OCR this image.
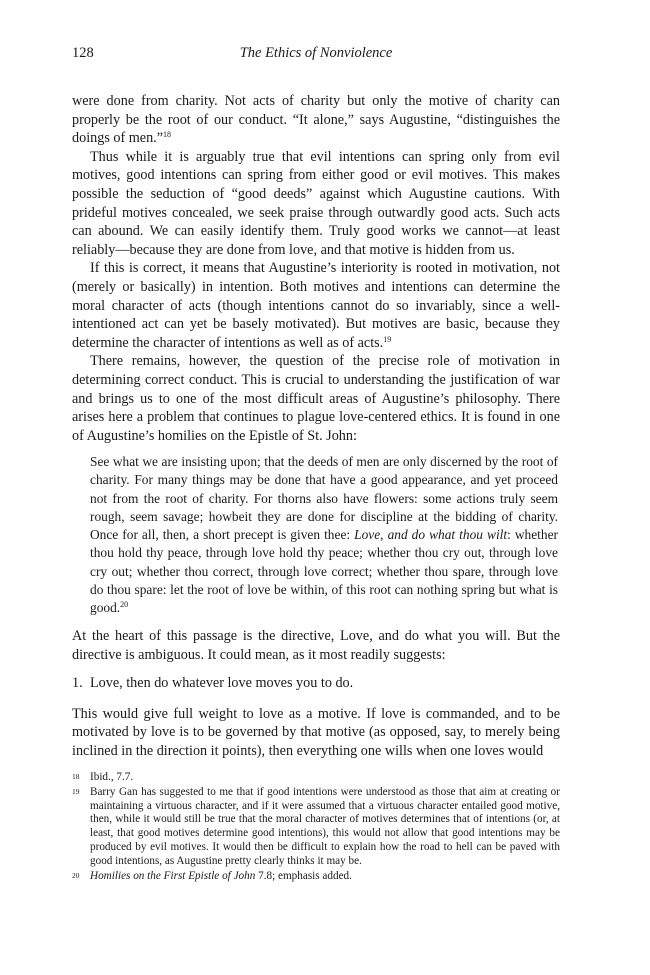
128	The Ethics of Nonviolence

were done from charity. Not acts of charity but only the motive of charity can properly be the root of our conduct. “It alone,” says Augustine, “distinguishes the doings of men.”$^{18}$

Thus while it is arguably true that evil intentions can spring only from evil motives, good intentions can spring from either good or evil motives. This makes possible the seduction of “good deeds” against which Augustine cautions. With prideful motives concealed, we seek praise through outwardly good acts. Such acts can abound. We can easily identify them. Truly good works we cannot—at least reliably—because they are done from love, and that motive is hidden from us.

If this is correct, it means that Augustine’s interiority is rooted in motivation, not (merely or basically) in intention. Both motives and intentions can determine the moral character of acts (though intentions cannot do so invariably, since a well-intentioned act can yet be basely motivated). But motives are basic, because they determine the character of intentions as well as of acts.$^{19}$

There remains, however, the question of the precise role of motivation in determining correct conduct. This is crucial to understanding the justification of war and brings us to one of the most difficult areas of Augustine’s philosophy. There arises here a problem that continues to plague love-centered ethics. It is found in one of Augustine’s homilies on the Epistle of St. John:

See what we are insisting upon; that the deeds of men are only discerned by the root of charity. For many things may be done that have a good appearance, and yet proceed not from the root of charity. For thorns also have flowers: some actions truly seem rough, seem savage; howbeit they are done for discipline at the bidding of charity. Once for all, then, a short precept is given thee: Love, and do what thou wilt: whether thou hold thy peace, through love hold thy peace; whether thou cry out, through love cry out; whether thou correct, through love correct; whether thou spare, through love do thou spare: let the root of love be within, of this root can nothing spring but what is good.$^{20}$

At the heart of this passage is the directive, Love, and do what you will. But the directive is ambiguous. It could mean, as it most readily suggests:

1. Love, then do whatever love moves you to do.

This would give full weight to love as a motive. If love is commanded, and to be motivated by love is to be governed by that motive (as opposed, say, to merely being inclined in the direction it points), then everything one wills when one loves would

18 Ibid., 7.7.
19 Barry Gan has suggested to me that if good intentions were understood as those that aim at creating or maintaining a virtuous character, and if it were assumed that a virtuous character entailed good motive, then, while it would still be true that the moral character of motives determines that of intentions (or, at least, that good motives determine good intentions), this would not allow that good intentions may be produced by evil motives. It would then be difficult to explain how the road to hell can be paved with good intentions, as Augustine pretty clearly thinks it may be.
20 Homilies on the First Epistle of John 7.8; emphasis added.
